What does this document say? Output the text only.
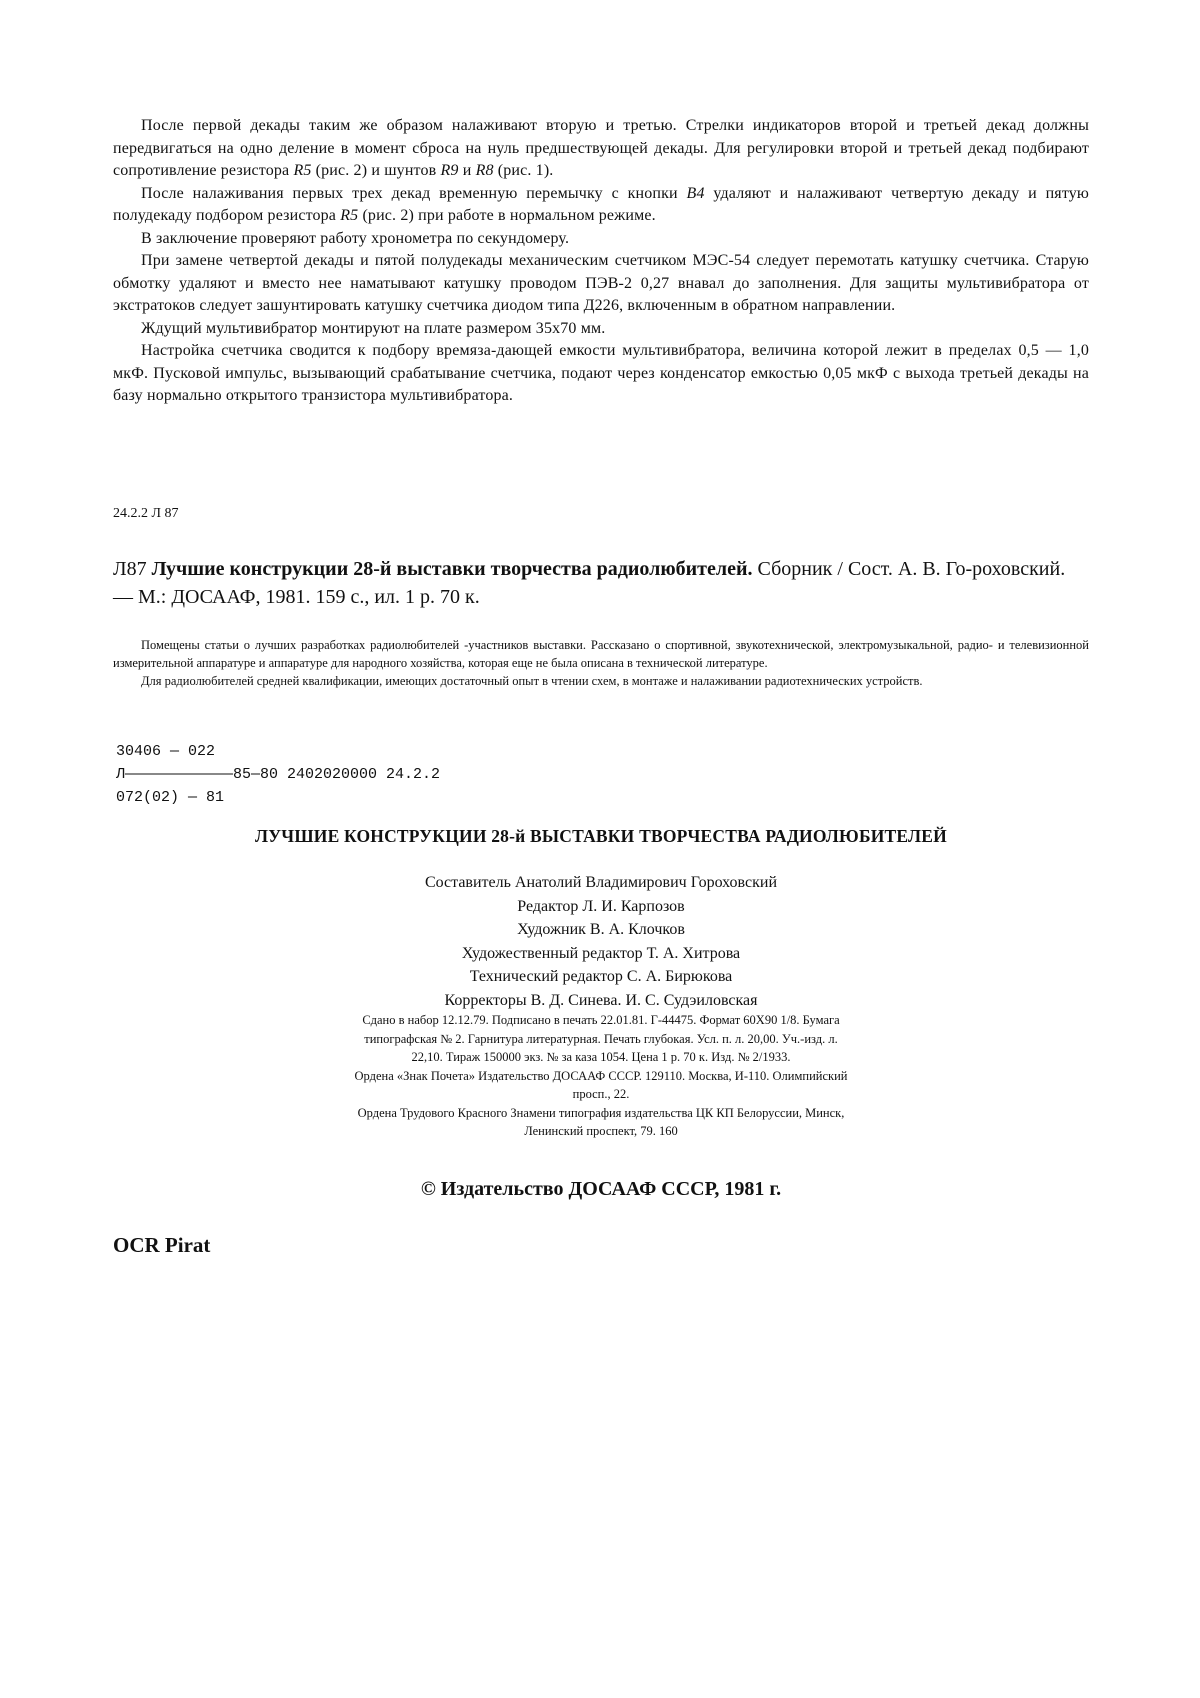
После первой декады таким же образом налаживают вторую и третью. Стрелки индикаторов второй и третьей декад должны передвигаться на одно деление в момент сброса на нуль предшествующей декады. Для регулировки второй и третьей декад подбирают сопротивление резистора R5 (рис. 2) и шунтов R9 и R8 (рис. 1).

После налаживания первых трех декад временную перемычку с кнопки В4 удаляют и налаживают четвертую декаду и пятую полудекаду подбором резистора R5 (рис. 2) при работе в нормальном режиме.

В заключение проверяют работу хронометра по секундомеру.

При замене четвертой декады и пятой полудекады механическим счетчиком МЭС-54 следует перемотать катушку счетчика. Старую обмотку удаляют и вместо нее наматывают катушку проводом ПЭВ-2 0,27 внавал до заполнения. Для защиты мультивибратора от экстратоков следует зашунтировать катушку счетчика диодом типа Д226, включенным в обратном направлении.

Ждущий мультивибратор монтируют на плате размером 35х70 мм.

Настройка счетчика сводится к подбору времяза-дающей емкости мультивибратора, величина которой лежит в пределах 0,5 — 1,0 мкФ. Пусковой импульс, вызывающий срабатывание счетчика, подают через конденсатор емкостью 0,05 мкФ с выхода третьей декады на базу нормально открытого транзистора мультивибратора.

24.2.2 Л 87
Л87 Лучшие конструкции 28-й выставки творчества радиолюбителей. Сборник / Сост. А. В. Го-роховский. — М.: ДОСААФ, 1981. 159 с., ил. 1 р. 70 к.

Помещены статьи о лучших разработках радиолюбителей -участников выставки. Рассказано о спортивной, звукотехнической, электромузыкальной, радио- и телевизионной измерительной аппаратуре и аппаратуре для народного хозяйства, которая еще не была описана в технической литературе.

Для радиолюбителей средней квалификации, имеющих достаточный опыт в чтении схем, в монтаже и налаживании радиотехнических устройств.

30406 — 022
Л————————————85—80 2402020000 24.2.2
072(02) — 81
ЛУЧШИЕ КОНСТРУКЦИИ 28-й ВЫСТАВКИ ТВОРЧЕСТВА РАДИОЛЮБИТЕЛЕЙ
Составитель Анатолий Владимирович Гороховский
Редактор Л. И. Карпозов
Художник В. А. Клочков
Художественный редактор Т. А. Хитрова
Технический редактор С. А. Бирюкова
Корректоры В. Д. Синева. И. С. Судэиловская
Сдано в набор 12.12.79. Подписано в печать 22.01.81. Г-44475. Формат 60Х90 1/8. Бумага типографская № 2. Гарнитура литературная. Печать глубокая. Усл. п. л. 20,00. Уч.-изд. л. 22,10. Тираж 150000 экз. № за каза 1054. Цена 1 р. 70 к. Изд. № 2/1933.
Ордена «Знак Почета» Издательство ДОСААФ СССР. 129110. Москва, И-110. Олимпийский просп., 22.
Ордена Трудового Красного Знамени типография издательства ЦК КП Белоруссии, Минск, Ленинский проспект, 79. 160
© Издательство ДОСААФ СССР, 1981 г.
OCR Pirat
